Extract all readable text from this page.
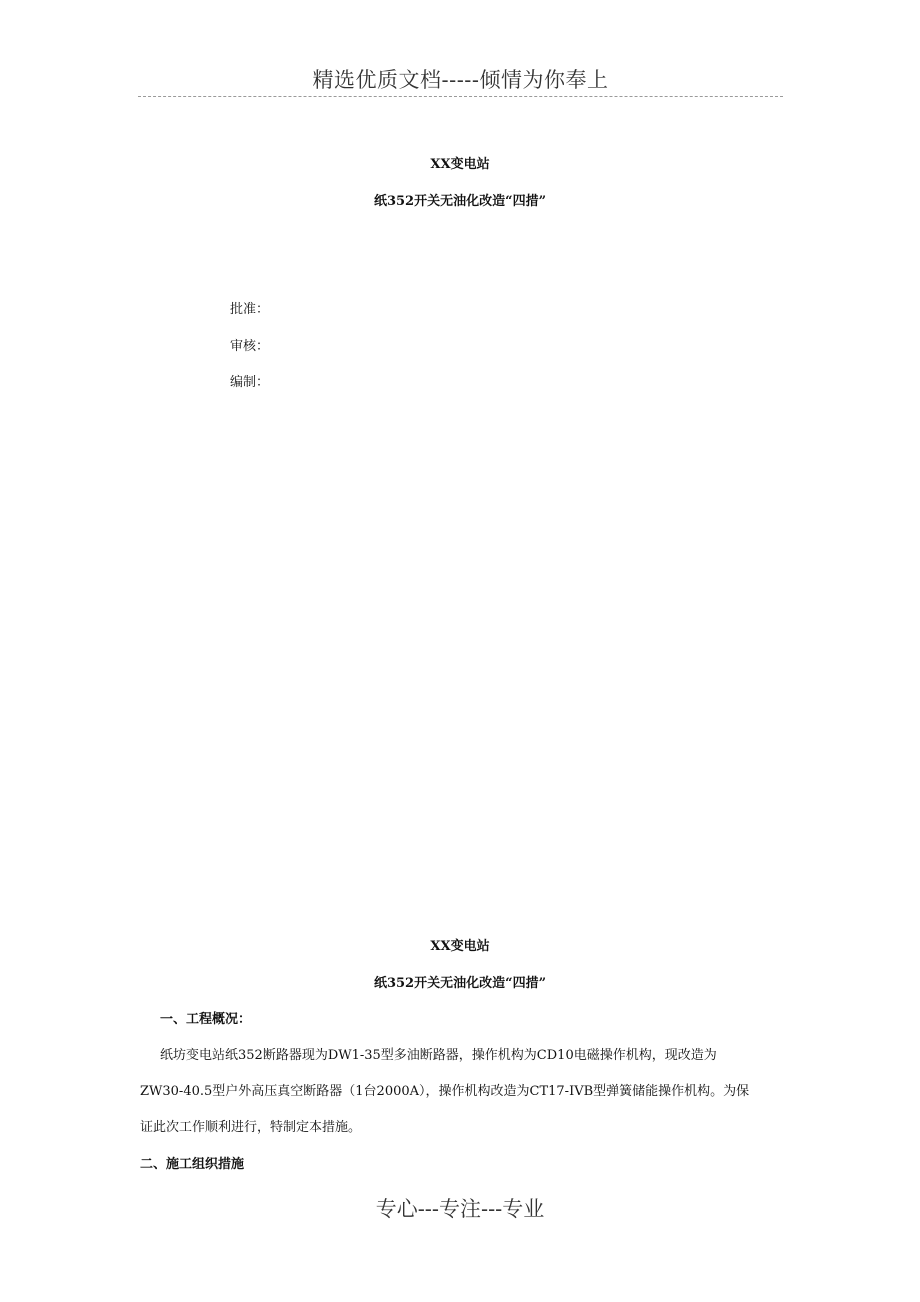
精选优质文档-----倾情为你奉上
XX变电站
纸352开关无油化改造“四措”
批准：
审核：
编制：
XX变电站
纸352开关无油化改造“四措”
一、工程概况：
纸坊变电站纸352断路器现为DW1-35型多油断路器，操作机构为CD10电磁操作机构，现改造为
ZW30-40.5型户外高压真空断路器（1台2000A），操作机构改造为CT17-IVB型弹簧储能操作机构。为保
证此次工作顺利进行，特制定本措施。
二、施工组织措施
专心---专注---专业
